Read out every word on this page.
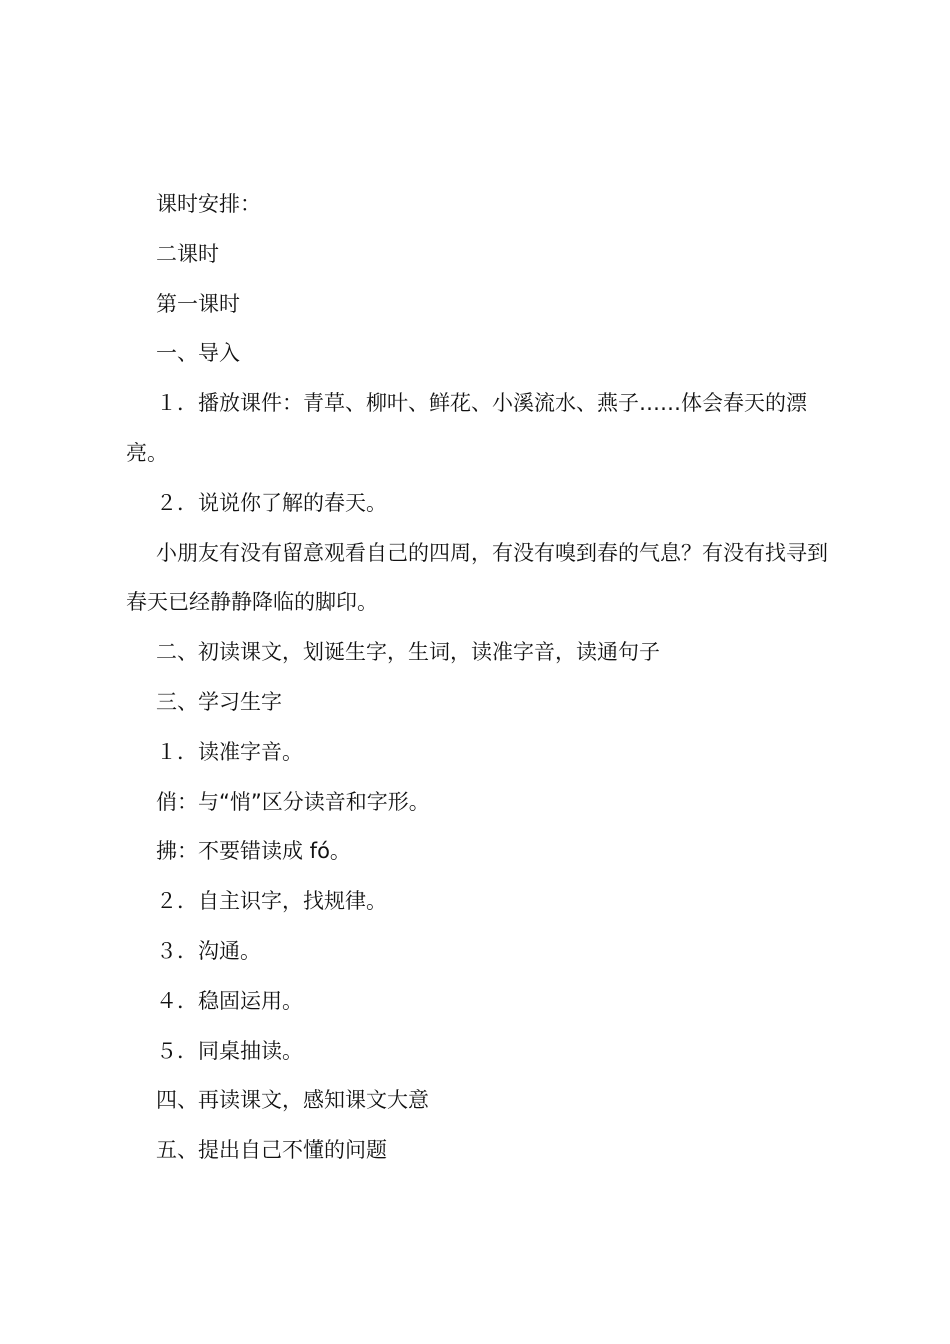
课时安排：

二课时

第一课时

一、导入

１．播放课件：青草、柳叶、鲜花、小溪流水、燕子……体会春天的漂亮。

２．说说你了解的春天。

小朋友有没有留意观看自己的四周，有没有嗅到春的气息？有没有找寻到春天已经静静降临的脚印。

二、初读课文，划诞生字，生词，读准字音，读通句子

三、学习生字

１．读准字音。

俏：与“悄”区分读音和字形。

拂：不要错读成 fó。

２．自主识字，找规律。

３．沟通。

４．稳固运用。

５．同桌抽读。

四、再读课文，感知课文大意

五、提出自己不懂的问题
